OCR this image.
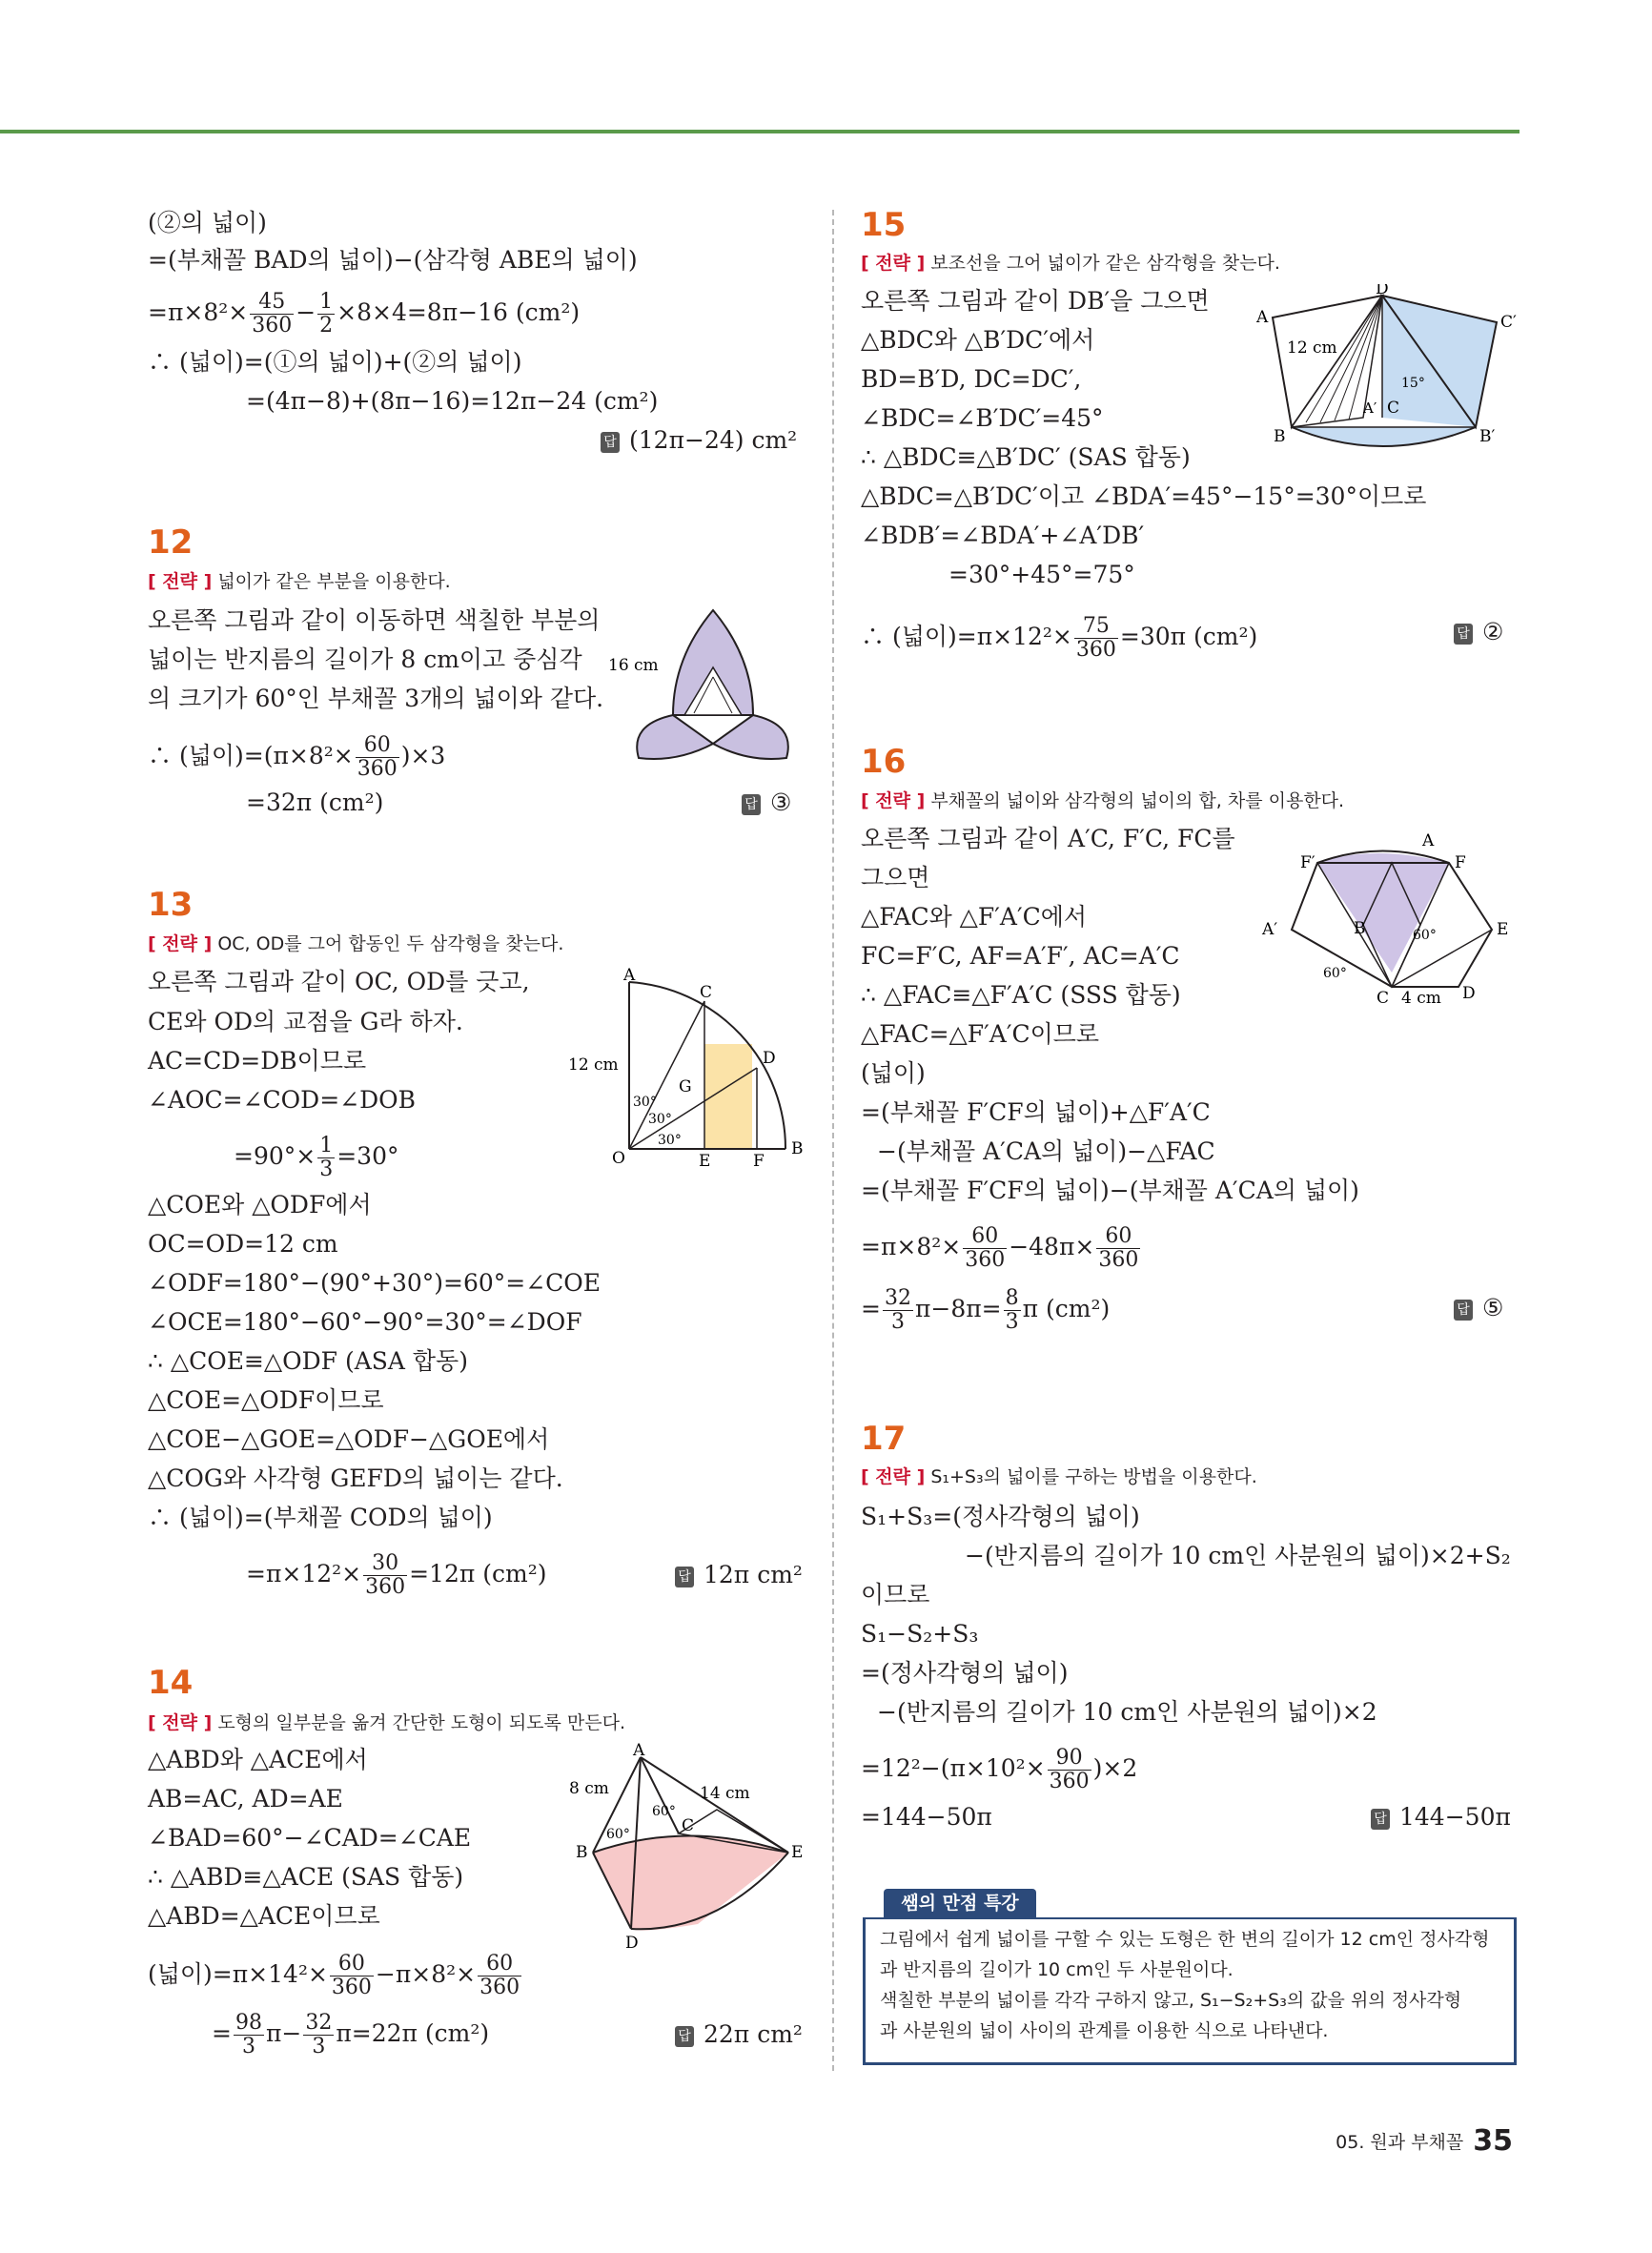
(②의 넓이)
=(부채꼴 BAD의 넓이)−(삼각형 ABE의 넓이)
$=\pi\times 8^2\times \frac{45}{360} - \frac{1}{2} \times 8\times 4=8\pi-16$ (cm²)
∴ (넓이)=(①의 넓이)+(②의 넓이)
=(4π−8)+(8π−16)=12π−24 (cm²)
답 (12π−24) cm²
12
[ 전략 ] 넓이가 같은 부분을 이용한다.
오른쪽 그림과 같이 이동하면 색칠한 부분의
넓이는 반지름의 길이가 8 cm이고 중심각
의 크기가 60°인 부채꼴 3개의 넓이와 같다.
∴ (넓이)$=(\pi\times 8^2\times \frac{60}{360} )\times 3$
=32π (cm²)	답 ③
16 cm
13
[ 전략 ] OC, OD를 그어 합동인 두 삼각형을 찾는다.
오른쪽 그림과 같이 OC, OD를 긋고,
CE와 OD의 교점을 G라 하자.
AC=CD=DB이므로
∠AOC=∠COD=∠DOB
$=90^\circ\times \frac{1}{3} =30^\circ$
△COE와 △ODF에서
OC=OD=12 cm
∠ODF=180°−(90°+30°)=60°=∠COE
∠OCE=180°−60°−90°=30°=∠DOF
∴ △COE≡△ODF (ASA 합동)
△COE=△ODF이므로
△COE−△GOE=△ODF−△GOE에서
△COG와 사각형 GEFD의 넓이는 같다.
∴ (넓이)=(부채꼴 COD의 넓이)
$=\pi\times 12^2\times \frac{30}{360} =12\pi$ (cm²)	답 12π cm²
A
C
D
B
O	E	F
G
30°
30°
30°
12 cm
14
[ 전략 ] 도형의 일부분을 옮겨 간단한 도형이 되도록 만든다.
△ABD와 △ACE에서
AB=AC, AD=AE
∠BAD=60°−∠CAD=∠CAE
∴ △ABD≡△ACE (SAS 합동)
△ABD=△ACE이므로
(넓이)$=\pi\times 14^2\times \frac{60}{360} -\pi\times 8^2\times \frac{60}{360}$
= $\frac{98}{3} \pi- \frac{32}{3} \pi=22\pi$ (cm²)	답 22π cm²
A
B
C
E
D
60°
60°
8 cm	14 cm
15
[ 전략 ] 보조선을 그어 넓이가 같은 삼각형을 찾는다.
오른쪽 그림과 같이 DB′을 그으면
△BDC와 △B′DC′에서
BD=B′D, DC=DC′,
∠BDC=∠B′DC′=45°
∴ △BDC≡△B′DC′ (SAS 합동)
△BDC=△B′DC′이고 ∠BDA′=45°−15°=30°이므로
∠BDB′=∠BDA′+∠A′DB′
=30°+45°=75°
∴ (넓이)$=\pi\times 12^2\times \frac{75}{360} =30\pi$ (cm²)	답 ②
D
A	C′
B	B′
C
A′
15°
12 cm
16
[ 전략 ] 부채꼴의 넓이와 삼각형의 넓이의 합, 차를 이용한다.
오른쪽 그림과 같이 A′C, F′C, FC를
그으면
△FAC와 △F′A′C에서
FC=F′C, AF=A′F′, AC=A′C
∴ △FAC≡△F′A′C (SSS 합동)
△FAC=△F′A′C이므로
(넓이)
=(부채꼴 F′CF의 넓이)+△F′A′C
−(부채꼴 A′CA의 넓이)−△FAC
=(부채꼴 F′CF의 넓이)−(부채꼴 A′CA의 넓이)
$=\pi\times 8^2\times \frac{60}{360} -48\pi\times \frac{60}{360}$
= $\frac{32}{3} \pi-8\pi= \frac{8}{3}$ π (cm²)	답 ⑤
A
F′	F
A′	E
B
D
C
60°
60°
4 cm
17
[ 전략 ] S₁+S₃의 넓이를 구하는 방법을 이용한다.
S₁+S₃=(정사각형의 넓이)
−(반지름의 길이가 10 cm인 사분원의 넓이)×2+S₂
이므로
S₁−S₂+S₃
=(정사각형의 넓이)
−(반지름의 길이가 10 cm인 사분원의 넓이)×2
$=12^2-(\pi\times 10^2\times \frac{90}{360} )\times 2$
=144−50π	답 144−50π
쌤의 만점 특강
그림에서 쉽게 넓이를 구할 수 있는 도형은 한 변의 길이가 12 cm인 정사각형
과 반지름의 길이가 10 cm인 두 사분원이다.
색칠한 부분의 넓이를 각각 구하지 않고, S₁−S₂+S₃의 값을 위의 정사각형
과 사분원의 넓이 사이의 관계를 이용한 식으로 나타낸다.
05. 원과 부채꼴 35
